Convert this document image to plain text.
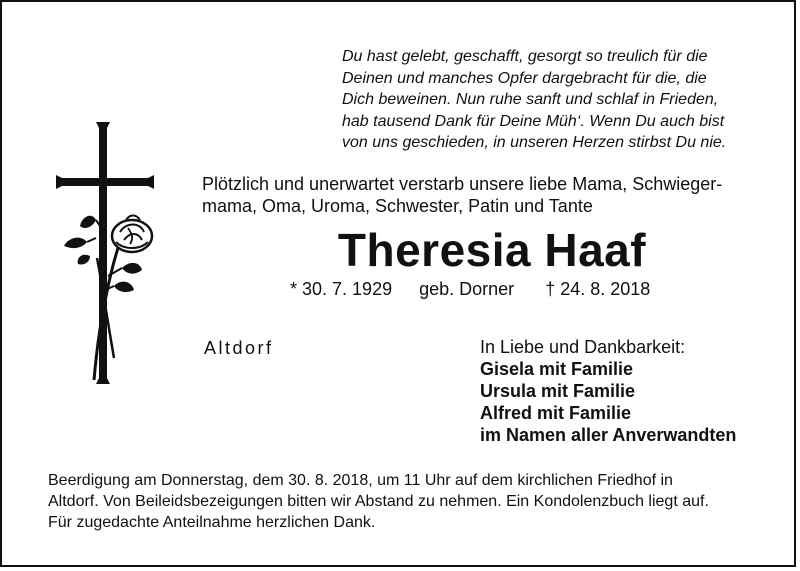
Du hast gelebt, geschafft, gesorgt so treulich für die
Deinen und manches Opfer dargebracht für die, die
Dich beweinen. Nun ruhe sanft und schlaf in Frieden,
hab tausend Dank für Deine Müh‘. Wenn Du auch bist
von uns geschieden, in unseren Herzen stirbst Du nie.
Plötzlich und unerwartet verstarb unsere liebe Mama, Schwieger-
mama, Oma, Uroma, Schwester, Patin und Tante
Theresia Haaf
* 30. 7. 1929 geb. Dorner † 24. 8. 2018
Altdorf	In Liebe und Dankbarkeit:
Gisela mit Familie
Ursula mit Familie
Alfred mit Familie
im Namen aller Anverwandten
Beerdigung am Donnerstag, dem 30. 8. 2018, um 11 Uhr auf dem kirchlichen Friedhof in
Altdorf. Von Beileidsbezeigungen bitten wir Abstand zu nehmen. Ein Kondolenzbuch liegt auf.
Für zugedachte Anteilnahme herzlichen Dank.
